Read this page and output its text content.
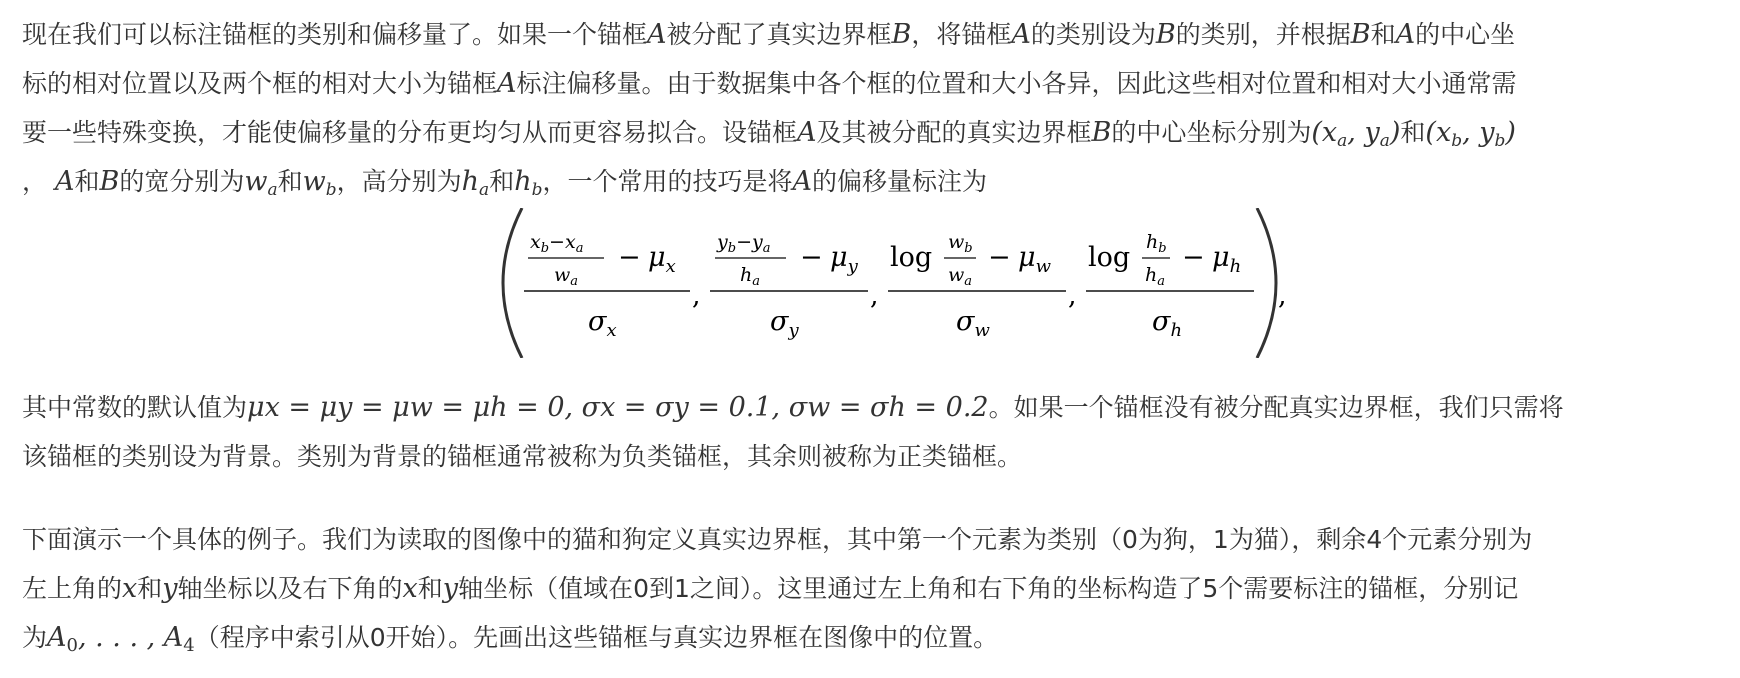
现在我们可以标注锚框的类别和偏移量了。如果一个锚框A被分配了真实边界框B，将锚框A的类别设为B的类别，并根据B和A的中心坐
标的相对位置以及两个框的相对大小为锚框A标注偏移量。由于数据集中各个框的位置和大小各异，因此这些相对位置和相对大小通常需
要一些特殊变换，才能使偏移量的分布更均匀从而更容易拟合。设锚框A及其被分配的真实边界框B的中心坐标分别为($x_a$, $y_a$)和($x_b$, $y_b$)
， A和B的宽分别为$w_a$和$w_b$，高分别为$h_a$和$h_b$，一个常用的技巧是将A的偏移量标注为

$x_b-x_a$
$w_a$
− $\mu_x$
$\sigma_x$
,
$y_b-y_a$
$h_a$
− $\mu_y$
$\sigma_y$
,
$\log w_b$
$w_a$
− $\mu_w$
$\sigma_w$
,
$\log h_b$
$h_a$
− $\mu_h$
$\sigma_h$
,

其中常数的默认值为μx = μy = μw = μh = 0, σx = σy = 0.1, σw = σh = 0.2。如果一个锚框没有被分配真实边界框，我们只需将
该锚框的类别设为背景。类别为背景的锚框通常被称为负类锚框，其余则被称为正类锚框。

下面演示一个具体的例子。我们为读取的图像中的猫和狗定义真实边界框，其中第一个元素为类别（0为狗，1为猫），剩余4个元素分别为
左上角的x和y轴坐标以及右下角的x和y轴坐标（值域在0到1之间）。这里通过左上角和右下角的坐标构造了5个需要标注的锚框，分别记
为$A_0$, . . . , $A_4$（程序中索引从0开始）。先画出这些锚框与真实边界框在图像中的位置。
